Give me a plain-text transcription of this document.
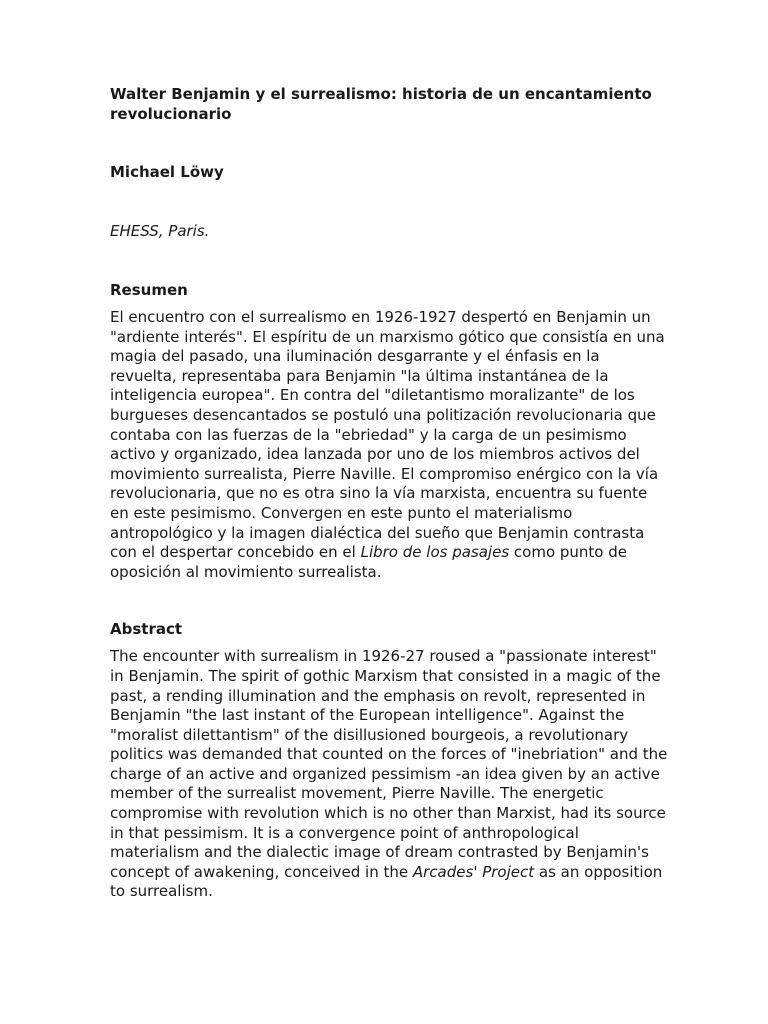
Walter Benjamin y el surrealismo: historia de un encantamiento revolucionario

Michael Löwy

EHESS, Paris.

Resumen

El encuentro con el surrealismo en 1926-1927 despertó en Benjamin un "ardiente interés". El espíritu de un marxismo gótico que consistía en una magia del pasado, una iluminación desgarrante y el énfasis en la revuelta, representaba para Benjamin "la última instantánea de la inteligencia europea". En contra del "diletantismo moralizante" de los burgueses desencantados se postuló una politización revolucionaria que contaba con las fuerzas de la "ebriedad" y la carga de un pesimismo activo y organizado, idea lanzada por uno de los miembros activos del movimiento surrealista, Pierre Naville. El compromiso enérgico con la vía revolucionaria, que no es otra sino la vía marxista, encuentra su fuente en este pesimismo. Convergen en este punto el materialismo antropológico y la imagen dialéctica del sueño que Benjamin contrasta con el despertar concebido en el Libro de los pasajes como punto de oposición al movimiento surrealista.

Abstract

The encounter with surrealism in 1926-27 roused a "passionate interest" in Benjamin. The spirit of gothic Marxism that consisted in a magic of the past, a rending illumination and the emphasis on revolt, represented in Benjamin "the last instant of the European intelligence". Against the "moralist dilettantism" of the disillusioned bourgeois, a revolutionary politics was demanded that counted on the forces of "inebriation" and the charge of an active and organized pessimism -an idea given by an active member of the surrealist movement, Pierre Naville. The energetic compromise with revolution which is no other than Marxist, had its source in that pessimism. It is a convergence point of anthropological materialism and the dialectic image of dream contrasted by Benjamin's concept of awakening, conceived in the Arcades' Project as an opposition to surrealism.
